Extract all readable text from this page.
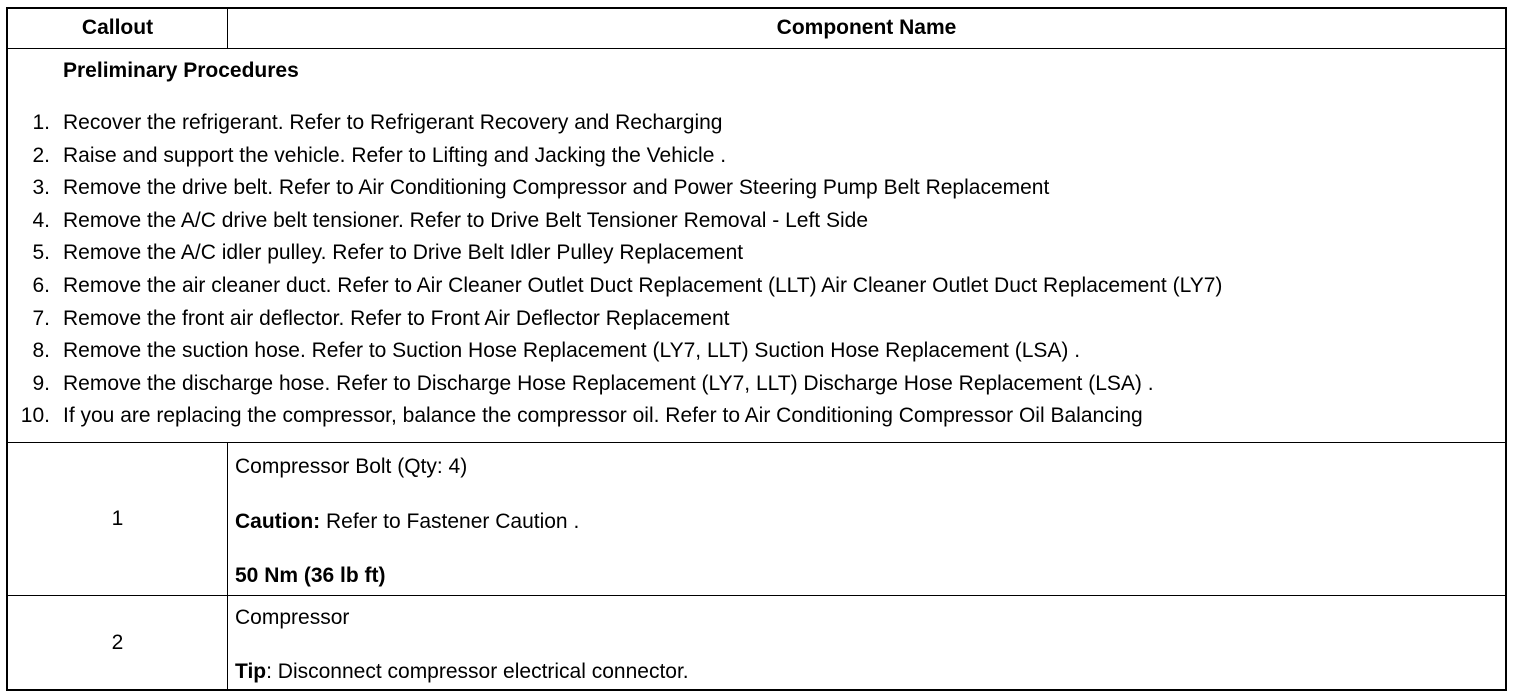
Callout	Component Name
Preliminary Procedures
1. Recover the refrigerant. Refer to Refrigerant Recovery and Recharging
2. Raise and support the vehicle. Refer to Lifting and Jacking the Vehicle .
3. Remove the drive belt. Refer to Air Conditioning Compressor and Power Steering Pump Belt Replacement
4. Remove the A/C drive belt tensioner. Refer to Drive Belt Tensioner Removal - Left Side
5. Remove the A/C idler pulley. Refer to Drive Belt Idler Pulley Replacement
6. Remove the air cleaner duct. Refer to Air Cleaner Outlet Duct Replacement (LLT) Air Cleaner Outlet Duct Replacement (LY7)
7. Remove the front air deflector. Refer to Front Air Deflector Replacement
8. Remove the suction hose. Refer to Suction Hose Replacement (LY7, LLT) Suction Hose Replacement (LSA) .
9. Remove the discharge hose. Refer to Discharge Hose Replacement (LY7, LLT) Discharge Hose Replacement (LSA) .
10. If you are replacing the compressor, balance the compressor oil. Refer to Air Conditioning Compressor Oil Balancing
1
Compressor Bolt (Qty: 4)
Caution: Refer to Fastener Caution .
50 Nm (36 lb ft)
2
Compressor
Tip: Disconnect compressor electrical connector.
